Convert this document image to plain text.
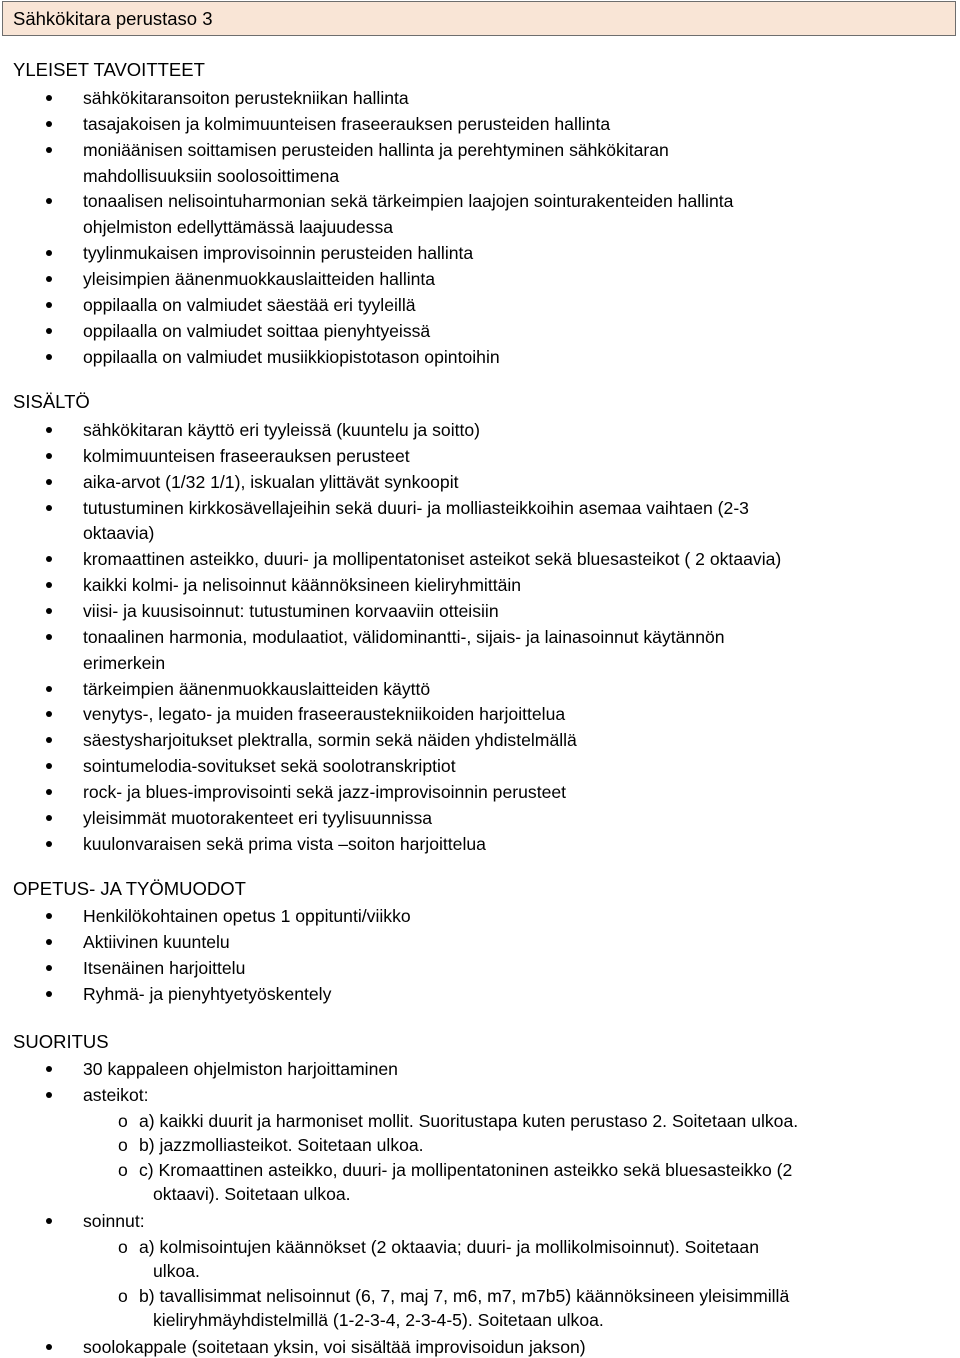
Sähkökitara perustaso 3
YLEISET TAVOITTEET
sähkökitaransoiton perustekniikan hallinta
tasajakoisen ja kolmimuunteisen fraseerauksen perusteiden hallinta
moniäänisen soittamisen perusteiden hallinta ja perehtyminen sähkökitaran
mahdollisuuksiin soolosoittimena
tonaalisen nelisointuharmonian sekä tärkeimpien laajojen sointurakenteiden hallinta
ohjelmiston edellyttämässä laajuudessa
tyylinmukaisen improvisoinnin perusteiden hallinta
yleisimpien äänenmuokkauslaitteiden hallinta
oppilaalla on valmiudet säestää eri tyyleillä
oppilaalla on valmiudet soittaa pienyhtyeissä
oppilaalla on valmiudet musiikkiopistotason opintoihin
SISÄLTÖ
sähkökitaran käyttö eri tyyleissä (kuuntelu ja soitto)
kolmimuunteisen fraseerauksen perusteet
aika-arvot (1/32 1/1), iskualan ylittävät synkoopit
tutustuminen kirkkosävellajeihin sekä duuri- ja molliasteikkoihin asemaa vaihtaen (2-3
oktaavia)
kromaattinen asteikko, duuri- ja mollipentatoniset asteikot sekä bluesasteikot ( 2 oktaavia)
kaikki kolmi- ja nelisoinnut käännöksineen kieliryhmittäin
viisi- ja kuusisoinnut: tutustuminen korvaaviin otteisiin
tonaalinen harmonia, modulaatiot, välidominantti-, sijais- ja lainasoinnut käytännön
erimerkein
tärkeimpien äänenmuokkauslaitteiden käyttö
venytys-, legato- ja muiden fraseeraustekniikoiden harjoittelua
säestysharjoitukset plektralla, sormin sekä näiden yhdistelmällä
sointumelodia-sovitukset sekä soolotranskriptiot
rock- ja blues-improvisointi sekä jazz-improvisoinnin perusteet
yleisimmät muotorakenteet eri tyylisuunnissa
kuulonvaraisen sekä prima vista –soiton harjoittelua
OPETUS- JA TYÖMUODOT
Henkilökohtainen opetus 1 oppitunti/viikko
Aktiivinen kuuntelu
Itsenäinen harjoittelu
Ryhmä- ja pienyhtyetyöskentely
SUORITUS
30 kappaleen ohjelmiston harjoittaminen
asteikot:
o a) kaikki duurit ja harmoniset mollit. Suoritustapa kuten perustaso 2. Soitetaan ulkoa.
o b) jazzmolliasteikot. Soitetaan ulkoa.
o c) Kromaattinen asteikko, duuri- ja mollipentatoninen asteikko sekä bluesasteikko (2
oktaavi). Soitetaan ulkoa.
soinnut:
o a) kolmisointujen käännökset (2 oktaavia; duuri- ja mollikolmisoinnut). Soitetaan
ulkoa.
o b) tavallisimmat nelisoinnut (6, 7, maj 7, m6, m7, m7b5) käännöksineen yleisimmillä
kieliryhmäyhdistelmillä (1-2-3-4, 2-3-4-5). Soitetaan ulkoa.
soolokappale (soitetaan yksin, voi sisältää improvisoidun jakson)
